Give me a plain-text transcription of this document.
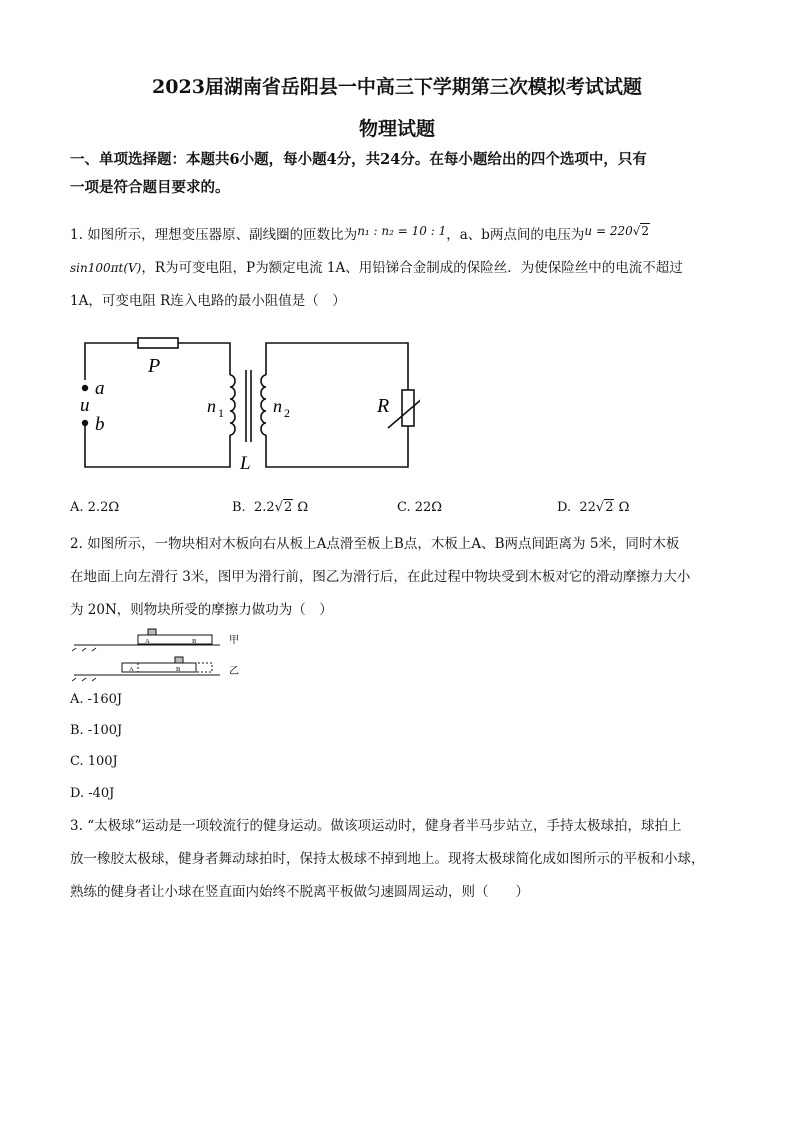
2023届湖南省岳阳县一中高三下学期第三次模拟考试试题
物理试题
一、单项选择题：本题共6小题，每小题4分，共24分。在每小题给出的四个选项中，只有
一项是符合题目要求的。
1. 如图所示，理想变压器原、副线圈的匝数比为n₁ : n₂ = 10 : 1，a、b两点间的电压为u = 220√2
sin100πt(V)，R为可变电阻，P为额定电流 1A、用铅锑合金制成的保险丝．为使保险丝中的电流不超过
1A，可变电阻 R连入电路的最小阻值是（　）
P
a
u
b
n 1	n 2
L
R
A. 2.2Ω	B. 2.2√2 Ω	C. 22Ω	D. 22√2 Ω
2. 如图所示，一物块相对木板向右从板上A点滑至板上B点，木板上A、B两点间距离为 5米，同时木板
在地面上向左滑行 3米，图甲为滑行前，图乙为滑行后，在此过程中物块受到木板对它的滑动摩擦力大小
为 20N，则物块所受的摩擦力做功为（　）
A	B
A	B
甲
乙
A. -160J
B. -100J
C. 100J
D. -40J
3. “太极球”运动是一项较流行的健身运动。做该项运动时，健身者半马步站立，手持太极球拍，球拍上
放一橡胶太极球，健身者舞动球拍时，保持太极球不掉到地上。现将太极球简化成如图所示的平板和小球，
熟练的健身者让小球在竖直面内始终不脱离平板做匀速圆周运动，则（　　）
